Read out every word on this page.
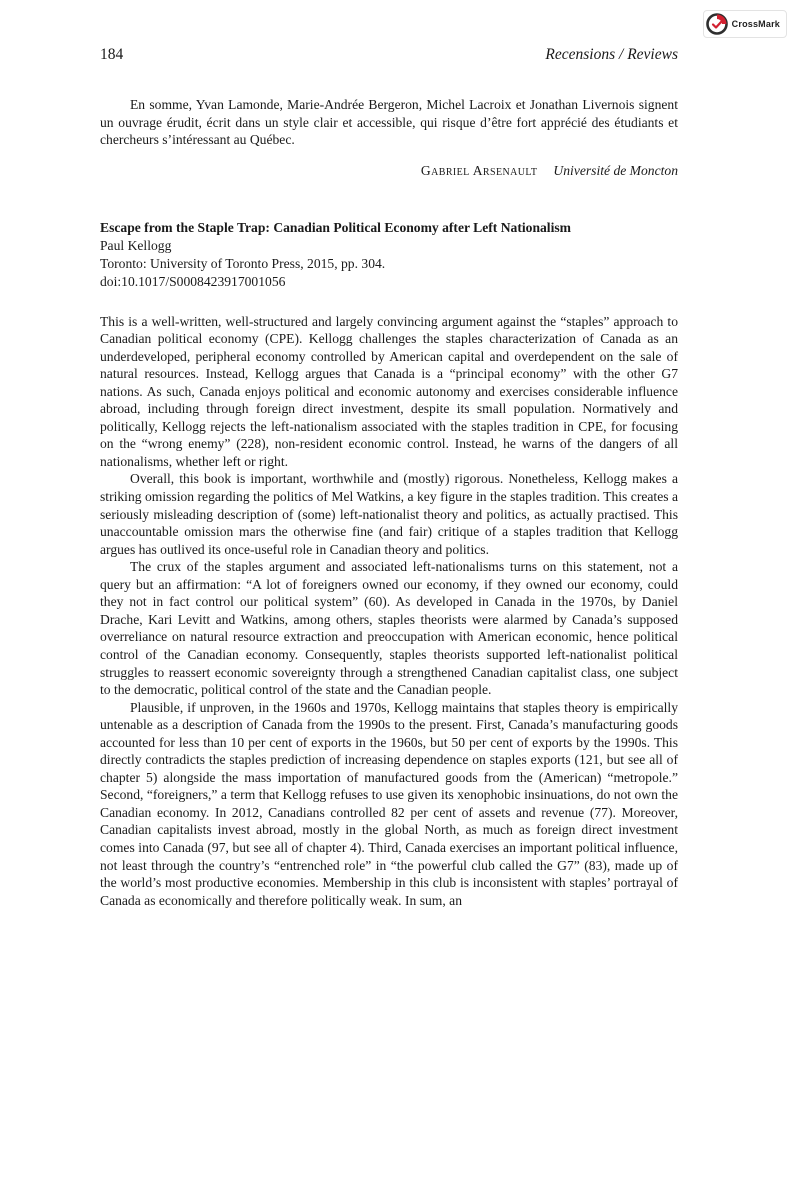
CrossMark
184	Recensions / Reviews

En somme, Yvan Lamonde, Marie-Andrée Bergeron, Michel Lacroix et Jonathan Livernois signent un ouvrage érudit, écrit dans un style clair et accessible, qui risque d’être fort apprécié des étudiants et chercheurs s’intéressant au Québec.

Gabriel Arsenault Université de Moncton
Escape from the Staple Trap: Canadian Political Economy after Left Nationalism
Paul Kellogg
Toronto: University of Toronto Press, 2015, pp. 304.
doi:10.1017/S0008423917001056

This is a well-written, well-structured and largely convincing argument against the “staples” approach to Canadian political economy (CPE). Kellogg challenges the staples characterization of Canada as an underdeveloped, peripheral economy controlled by American capital and overdependent on the sale of natural resources. Instead, Kellogg argues that Canada is a “principal economy” with the other G7 nations. As such, Canada enjoys political and economic autonomy and exercises considerable influence abroad, including through foreign direct investment, despite its small population. Normatively and politically, Kellogg rejects the left-nationalism associated with the staples tradition in CPE, for focusing on the “wrong enemy” (228), non-resident economic control. Instead, he warns of the dangers of all nationalisms, whether left or right.

Overall, this book is important, worthwhile and (mostly) rigorous. Nonetheless, Kellogg makes a striking omission regarding the politics of Mel Watkins, a key figure in the staples tradition. This creates a seriously misleading description of (some) left-nationalist theory and politics, as actually practised. This unaccountable omission mars the otherwise fine (and fair) critique of a staples tradition that Kellogg argues has outlived its once-useful role in Canadian theory and politics.

The crux of the staples argument and associated left-nationalisms turns on this statement, not a query but an affirmation: “A lot of foreigners owned our economy, if they owned our economy, could they not in fact control our political system” (60). As developed in Canada in the 1970s, by Daniel Drache, Kari Levitt and Watkins, among others, staples theorists were alarmed by Canada’s supposed overreliance on natural resource extraction and preoccupation with American economic, hence political control of the Canadian economy. Consequently, staples theorists supported left-nationalist political struggles to reassert economic sovereignty through a strengthened Canadian capitalist class, one subject to the democratic, political control of the state and the Canadian people.

Plausible, if unproven, in the 1960s and 1970s, Kellogg maintains that staples theory is empirically untenable as a description of Canada from the 1990s to the present. First, Canada’s manufacturing goods accounted for less than 10 per cent of exports in the 1960s, but 50 per cent of exports by the 1990s. This directly contradicts the staples prediction of increasing dependence on staples exports (121, but see all of chapter 5) alongside the mass importation of manufactured goods from the (American) “metropole.” Second, “foreigners,” a term that Kellogg refuses to use given its xenophobic insinuations, do not own the Canadian economy. In 2012, Canadians controlled 82 per cent of assets and revenue (77). Moreover, Canadian capitalists invest abroad, mostly in the global North, as much as foreign direct investment comes into Canada (97, but see all of chapter 4). Third, Canada exercises an important political influence, not least through the country’s “entrenched role” in “the powerful club called the G7” (83), made up of the world’s most productive economies. Membership in this club is inconsistent with staples’ portrayal of Canada as economically and therefore politically weak. In sum, an
